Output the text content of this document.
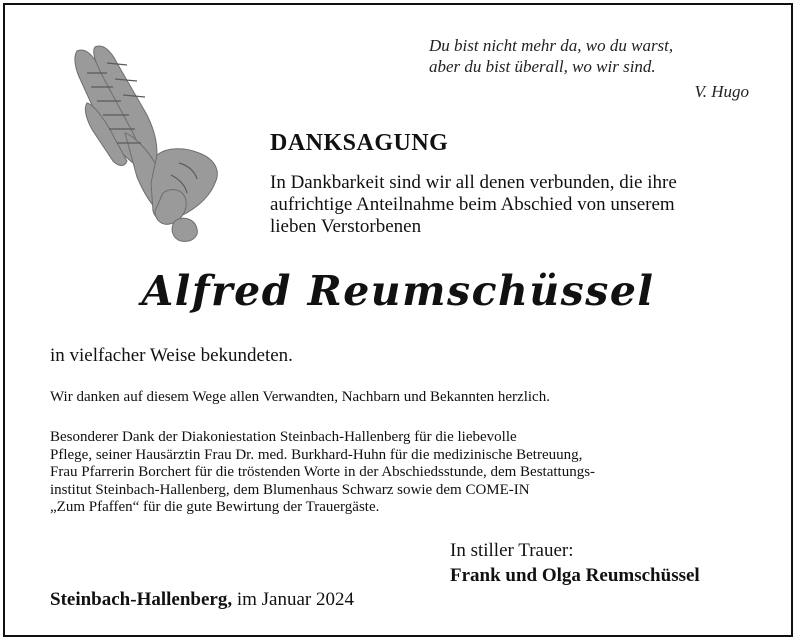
Du bist nicht mehr da, wo du warst,
aber du bist überall, wo wir sind.
V. Hugo
DANKSAGUNG
In Dankbarkeit sind wir all denen verbunden, die ihre
aufrichtige Anteilnahme beim Abschied von unserem
lieben Verstorbenen
Alfred Reumschüssel
in vielfacher Weise bekundeten.
Wir danken auf diesem Wege allen Verwandten, Nachbarn und Bekannten herzlich.
Besonderer Dank der Diakoniestation Steinbach-Hallenberg für die liebevolle
Pflege, seiner Hausärztin Frau Dr. med. Burkhard-Huhn für die medizinische Betreuung,
Frau Pfarrerin Borchert für die tröstenden Worte in der Abschiedsstunde, dem Bestattungs-
institut Steinbach-Hallenberg, dem Blumenhaus Schwarz sowie dem COME-IN
„Zum Pfaffen“ für die gute Bewirtung der Trauergäste.
In stiller Trauer:
Frank und Olga Reumschüssel
Steinbach-Hallenberg, im Januar 2024
